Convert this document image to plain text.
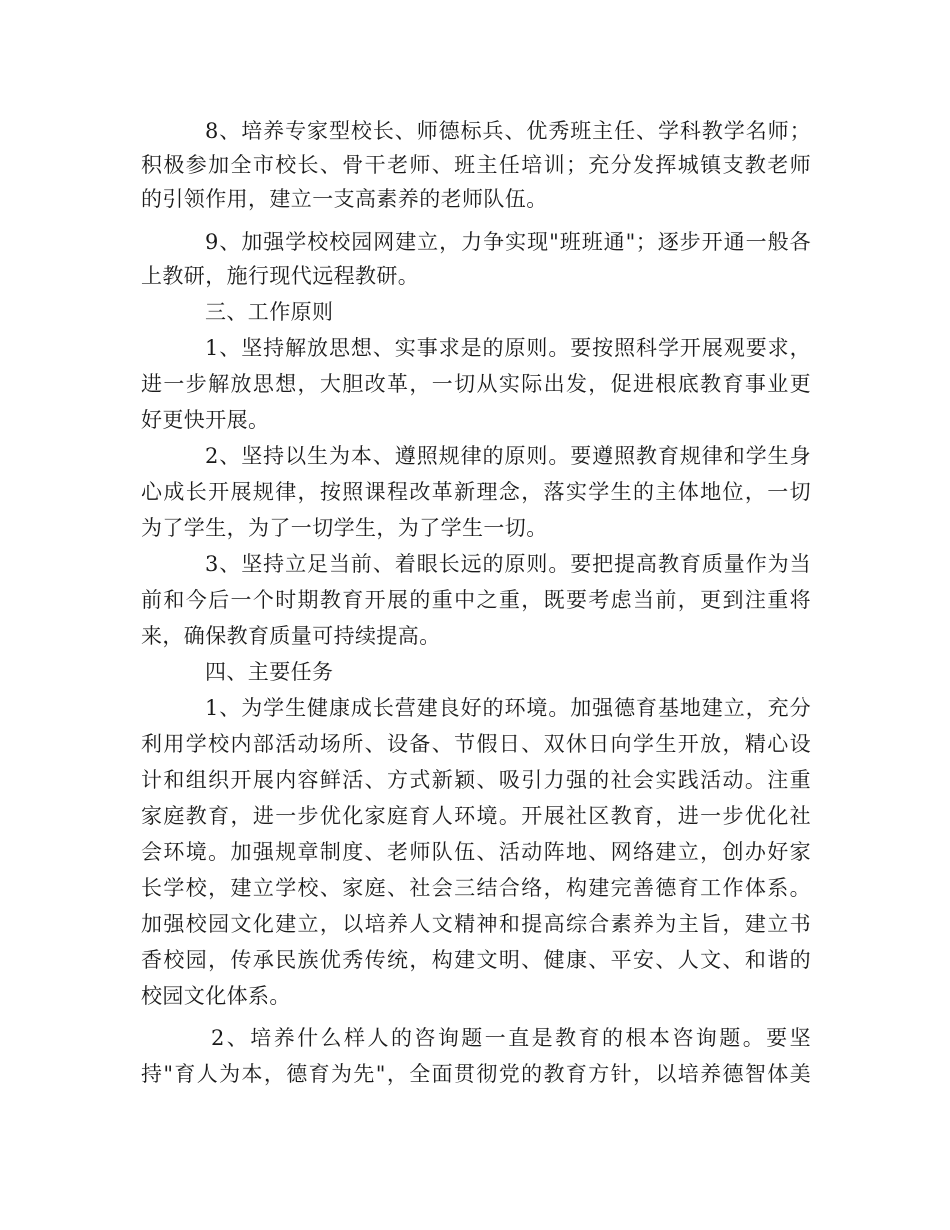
8、培养专家型校长、师德标兵、优秀班主任、学科教学名师；
积极参加全市校长、骨干老师、班主任培训；充分发挥城镇支教老师
的引领作用，建立一支高素养的老师队伍。
9、加强学校校园网建立，力争实现"班班通"；逐步开通一般各
上教研，施行现代远程教研。
三、工作原则
1、坚持解放思想、实事求是的原则。要按照科学开展观要求，
进一步解放思想，大胆改革，一切从实际出发，促进根底教育事业更
好更快开展。
2、坚持以生为本、遵照规律的原则。要遵照教育规律和学生身
心成长开展规律，按照课程改革新理念，落实学生的主体地位，一切
为了学生，为了一切学生，为了学生一切。
3、坚持立足当前、着眼长远的原则。要把提高教育质量作为当
前和今后一个时期教育开展的重中之重，既要考虑当前，更到注重将
来，确保教育质量可持续提高。
四、主要任务
1、为学生健康成长营建良好的环境。加强德育基地建立，充分
利用学校内部活动场所、设备、节假日、双休日向学生开放，精心设
计和组织开展内容鲜活、方式新颖、吸引力强的社会实践活动。注重
家庭教育，进一步优化家庭育人环境。开展社区教育，进一步优化社
会环境。加强规章制度、老师队伍、活动阵地、网络建立，创办好家
长学校，建立学校、家庭、社会三结合络，构建完善德育工作体系。
加强校园文化建立，以培养人文精神和提高综合素养为主旨，建立书
香校园，传承民族优秀传统，构建文明、健康、平安、人文、和谐的
校园文化体系。
2、培养什么样人的咨询题一直是教育的根本咨询题。要坚
持"育人为本，德育为先"，全面贯彻党的教育方针，以培养德智体美
